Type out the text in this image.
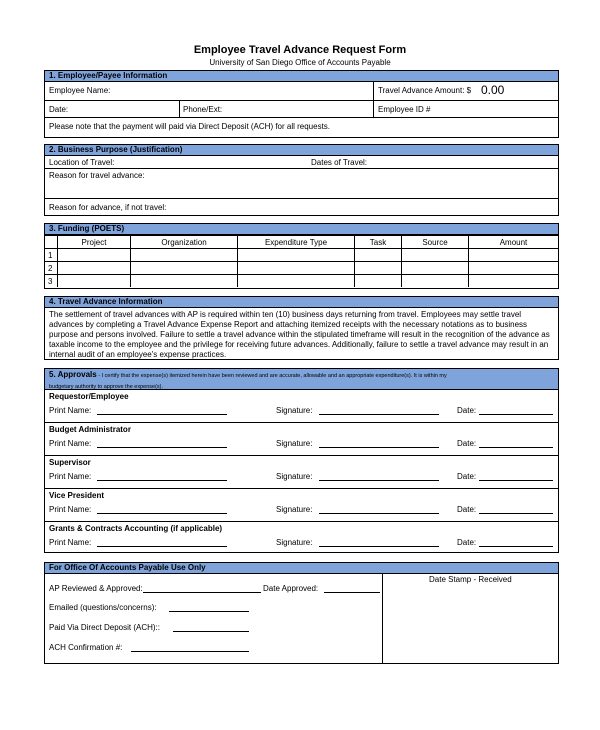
Employee Travel Advance Request Form
University of San Diego Office of Accounts Payable
1. Employee/Payee Information
Employee Name:	Travel Advance Amount: $ 0.00
Date:	Phone/Ext:	Employee ID #
Please note that the payment will paid via Direct Deposit (ACH) for all requests.
2. Business Purpose (Justification)
Location of Travel:	Dates of Travel:
Reason for travel advance:
Reason for advance, if not travel:
3. Funding (POETS)
	Project	Organization	Expenditure Type	Task	Source	Amount
1						
2						
3						
4. Travel Advance Information
The settlement of travel advances with AP is required within ten (10) business days returning from travel. Employees may settle travel advances by completing a Travel Advance Expense Report and attaching itemized receipts with the necessary notations as to business purpose and persons involved. Failure to settle a travel advance within the stipulated timeframe will result in the recognition of the advance as taxable income to the employee and the privilege for receiving future advances. Additionally, failure to settle a travel advance may result in an internal audit of an employee's expense practices.
5. Approvals - I certify that the expense(s) itemized herein have been reviewed and are accurate, allowable and an appropriate expenditure(s). It is within my
budgetary authority to approve the expense(s).
Requestor/Employee
Print Name:	Signature:	Date:
Budget Administrator
Print Name:	Signature:	Date:
Supervisor
Print Name:	Signature:	Date:
Vice President
Print Name:	Signature:	Date:
Grants & Contracts Accounting (if applicable)
Print Name:	Signature:	Date:
For Office Of Accounts Payable Use Only
AP Reviewed & Approved:	Date Approved:
Emailed (questions/concerns):
Paid Via Direct Deposit (ACH)::
ACH Confirmation #:
Date Stamp - Received
